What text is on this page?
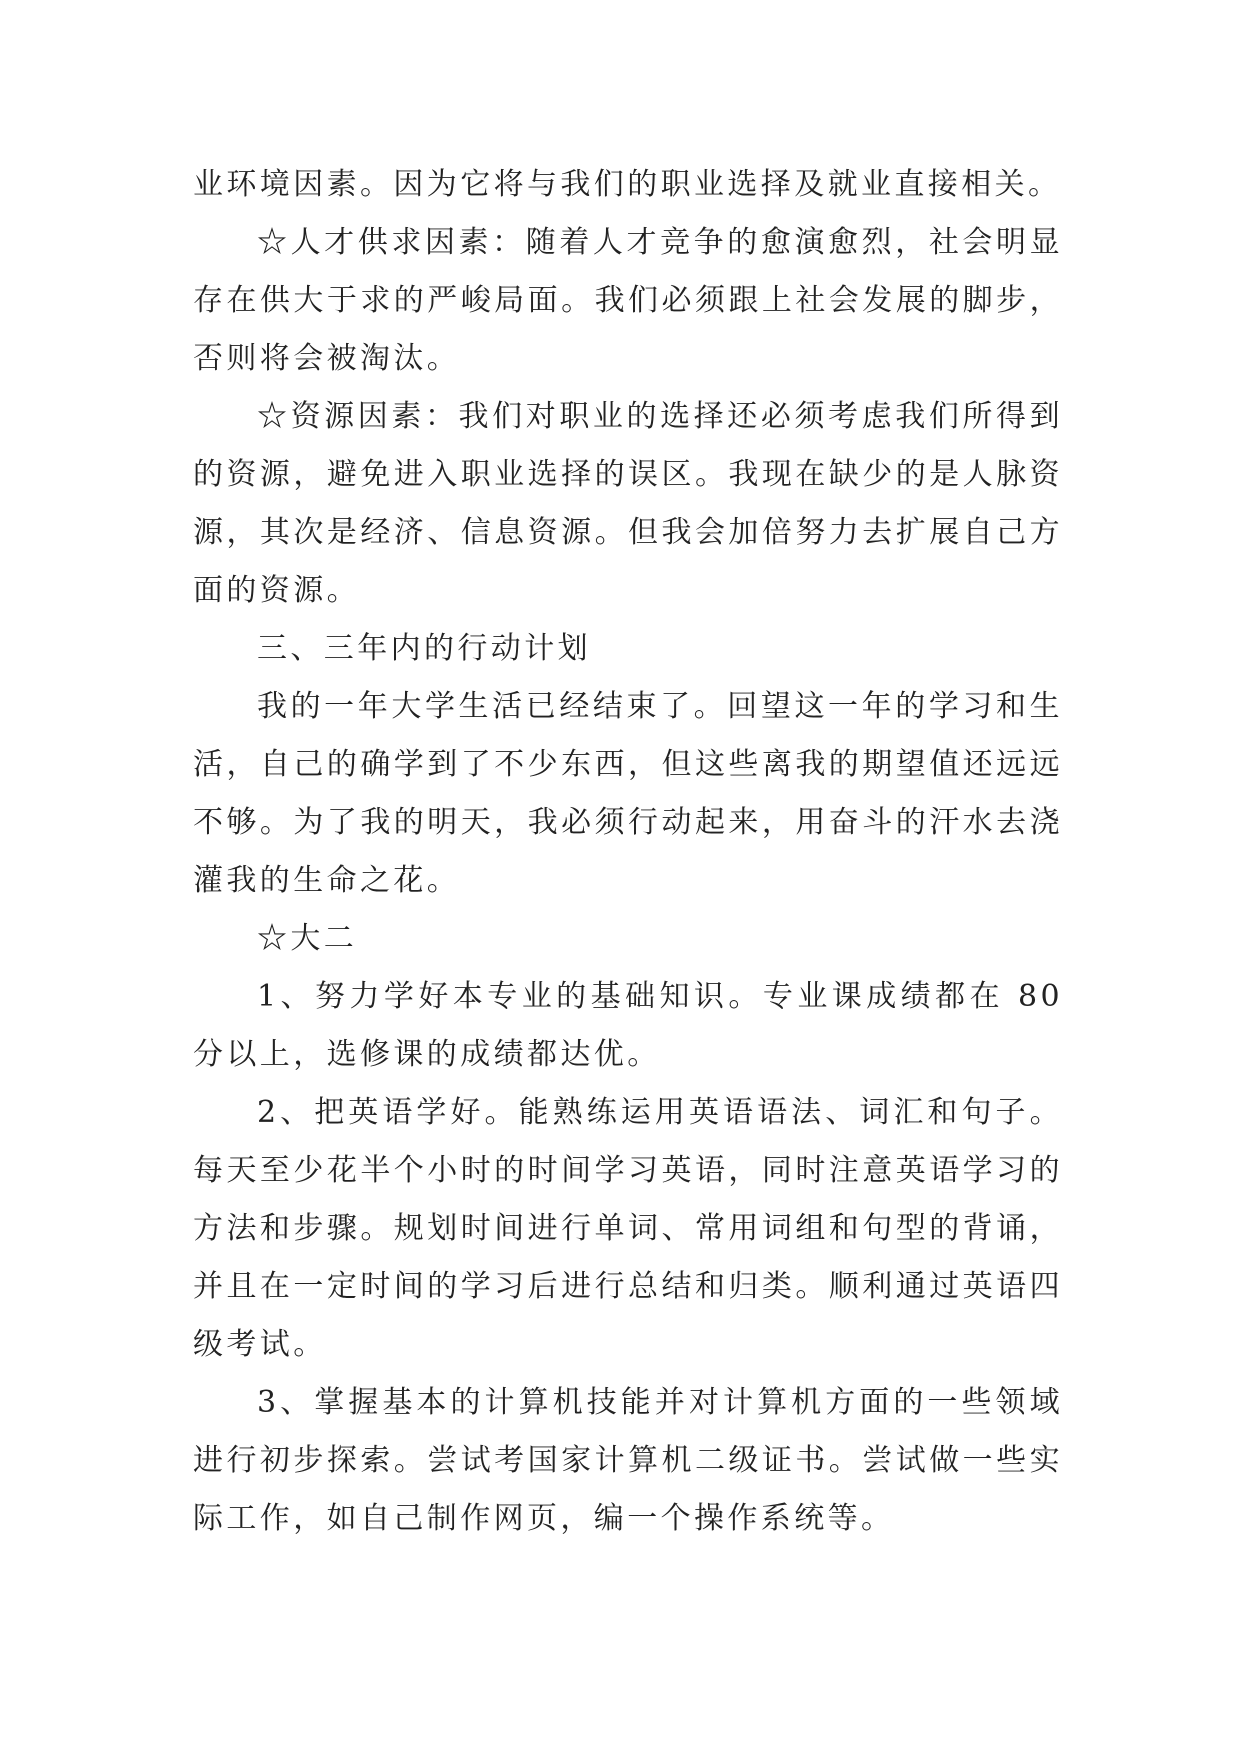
业环境因素。因为它将与我们的职业选择及就业直接相关。

☆人才供求因素：随着人才竞争的愈演愈烈，社会明显存在供大于求的严峻局面。我们必须跟上社会发展的脚步，否则将会被淘汰。

☆资源因素：我们对职业的选择还必须考虑我们所得到的资源，避免进入职业选择的误区。我现在缺少的是人脉资源，其次是经济、信息资源。但我会加倍努力去扩展自己方面的资源。

三、三年内的行动计划

我的一年大学生活已经结束了。回望这一年的学习和生活，自己的确学到了不少东西，但这些离我的期望值还远远不够。为了我的明天，我必须行动起来，用奋斗的汗水去浇灌我的生命之花。

☆大二

1、努力学好本专业的基础知识。专业课成绩都在 80 分以上，选修课的成绩都达优。

2、把英语学好。能熟练运用英语语法、词汇和句子。每天至少花半个小时的时间学习英语，同时注意英语学习的方法和步骤。规划时间进行单词、常用词组和句型的背诵，并且在一定时间的学习后进行总结和归类。顺利通过英语四级考试。

3、掌握基本的计算机技能并对计算机方面的一些领域进行初步探索。尝试考国家计算机二级证书。尝试做一些实际工作，如自己制作网页，编一个操作系统等。
